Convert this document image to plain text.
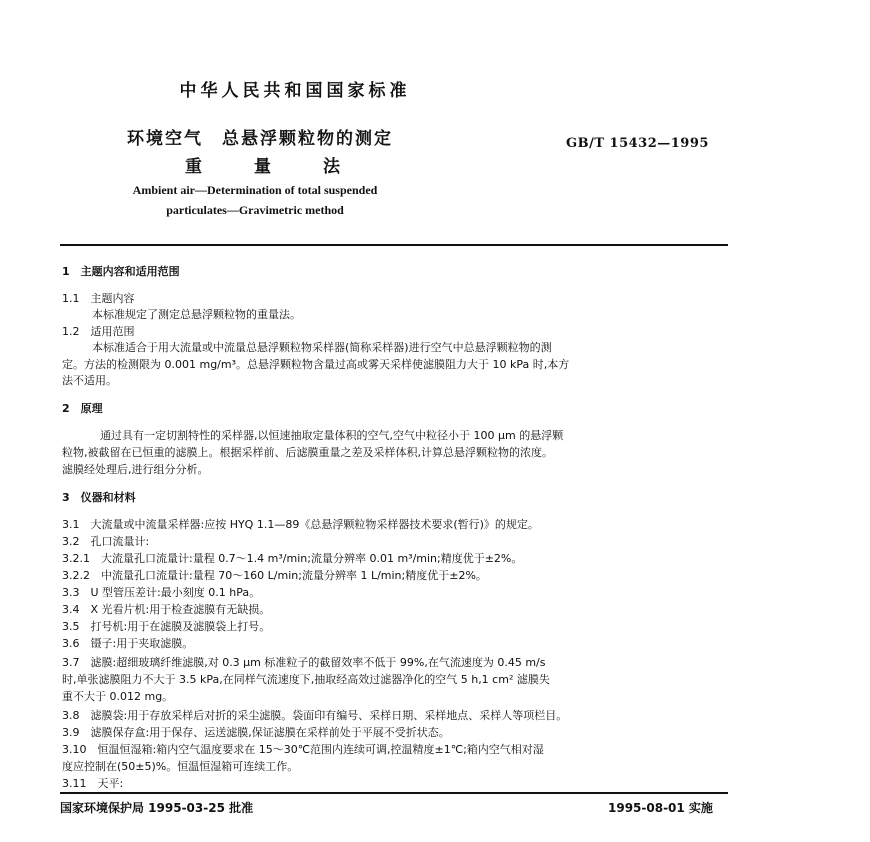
中华人民共和国国家标准
环境空气　总悬浮颗粒物的测定
重量法
GB/T 15432—1995
Ambient air—Determination of total suspended
particulates—Gravimetric method
1　主题内容和适用范围
1.1　主题内容
本标准规定了测定总悬浮颗粒物的重量法。
1.2　适用范围
本标准适合于用大流量或中流量总悬浮颗粒物采样器(简称采样器)进行空气中总悬浮颗粒物的测
定。方法的检测限为 0.001 mg/m³。总悬浮颗粒物含量过高或雾天采样使滤膜阻力大于 10 kPa 时,本方
法不适用。
2　原理
通过具有一定切割特性的采样器,以恒速抽取定量体积的空气,空气中粒径小于 100 μm 的悬浮颗
粒物,被截留在已恒重的滤膜上。根据采样前、后滤膜重量之差及采样体积,计算总悬浮颗粒物的浓度。
滤膜经处理后,进行组分分析。
3　仪器和材料
3.1　大流量或中流量采样器:应按 HYQ 1.1—89《总悬浮颗粒物采样器技术要求(暂行)》的规定。
3.2　孔口流量计:
3.2.1　大流量孔口流量计:量程 0.7～1.4 m³/min;流量分辨率 0.01 m³/min;精度优于±2%。
3.2.2　中流量孔口流量计:量程 70～160 L/min;流量分辨率 1 L/min;精度优于±2%。
3.3　U 型管压差计:最小刻度 0.1 hPa。
3.4　X 光看片机:用于检查滤膜有无缺损。
3.5　打号机:用于在滤膜及滤膜袋上打号。
3.6　镊子:用于夹取滤膜。
3.7　滤膜:超细玻璃纤维滤膜,对 0.3 μm 标准粒子的截留效率不低于 99%,在气流速度为 0.45 m/s
时,单张滤膜阻力不大于 3.5 kPa,在同样气流速度下,抽取经高效过滤器净化的空气 5 h,1 cm² 滤膜失
重不大于 0.012 mg。
3.8　滤膜袋:用于存放采样后对折的采尘滤膜。袋面印有编号、采样日期、采样地点、采样人等项栏目。
3.9　滤膜保存盒:用于保存、运送滤膜,保证滤膜在采样前处于平展不受折状态。
3.10　恒温恒湿箱:箱内空气温度要求在 15～30℃范围内连续可调,控温精度±1℃;箱内空气相对湿
度应控制在(50±5)%。恒温恒湿箱可连续工作。
3.11　天平:
国家环境保护局 1995-03-25 批准	1995-08-01 实施
